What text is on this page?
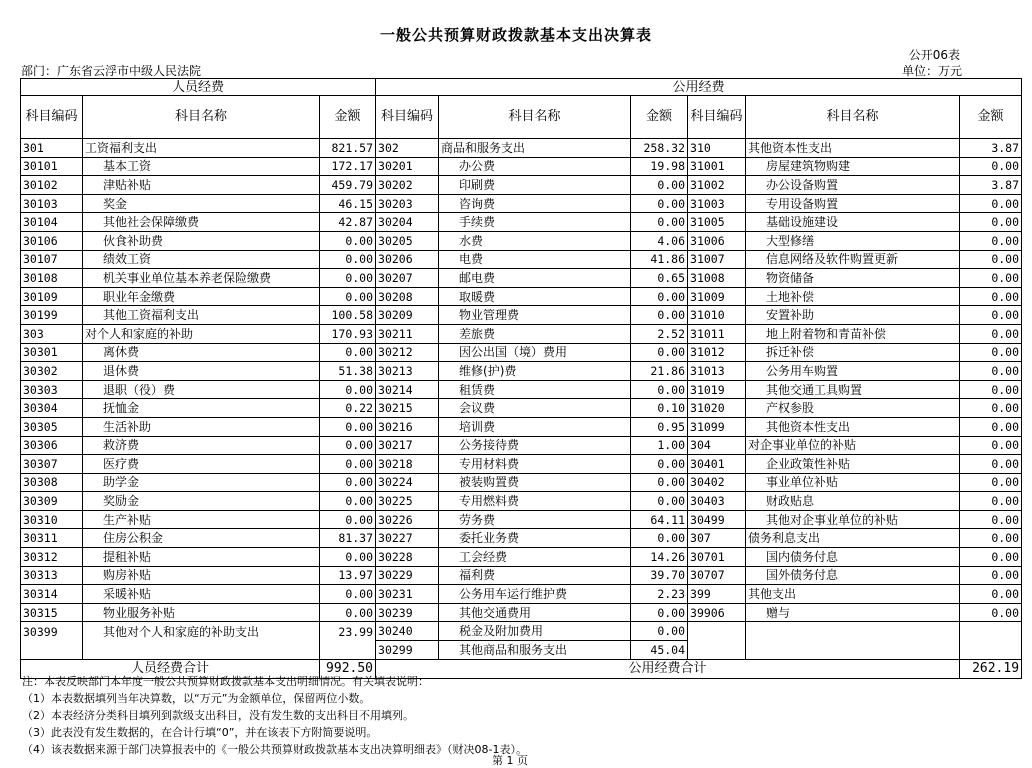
一般公共预算财政拨款基本支出决算表
公开06表
部门：广东省云浮市中级人民法院	单位：万元
人员经费			公用经费					
科目编码	科目名称	金额	科目编码	科目名称	金额	科目编码	科目名称	金额
301	工资福利支出	821.57	302	商品和服务支出	258.32	310	其他资本性支出	3.87
30101	基本工资	172.17	30201	办公费	19.98	31001	房屋建筑物购建	0.00
30102	津贴补贴	459.79	30202	印刷费	0.00	31002	办公设备购置	3.87
30103	奖金	46.15	30203	咨询费	0.00	31003	专用设备购置	0.00
30104	其他社会保障缴费	42.87	30204	手续费	0.00	31005	基础设施建设	0.00
30106	伙食补助费	0.00	30205	水费	4.06	31006	大型修缮	0.00
30107	绩效工资	0.00	30206	电费	41.86	31007	信息网络及软件购置更新	0.00
30108	机关事业单位基本养老保险缴费	0.00	30207	邮电费	0.65	31008	物资储备	0.00
30109	职业年金缴费	0.00	30208	取暖费	0.00	31009	土地补偿	0.00
30199	其他工资福利支出	100.58	30209	物业管理费	0.00	31010	安置补助	0.00
303	对个人和家庭的补助	170.93	30211	差旅费	2.52	31011	地上附着物和青苗补偿	0.00
30301	离休费	0.00	30212	因公出国（境）费用	0.00	31012	拆迁补偿	0.00
30302	退休费	51.38	30213	维修(护)费	21.86	31013	公务用车购置	0.00
30303	退职（役）费	0.00	30214	租赁费	0.00	31019	其他交通工具购置	0.00
30304	抚恤金	0.22	30215	会议费	0.10	31020	产权参股	0.00
30305	生活补助	0.00	30216	培训费	0.95	31099	其他资本性支出	0.00
30306	救济费	0.00	30217	公务接待费	1.00	304	对企事业单位的补贴	0.00
30307	医疗费	0.00	30218	专用材料费	0.00	30401	企业政策性补贴	0.00
30308	助学金	0.00	30224	被装购置费	0.00	30402	事业单位补贴	0.00
30309	奖励金	0.00	30225	专用燃料费	0.00	30403	财政贴息	0.00
30310	生产补贴	0.00	30226	劳务费	64.11	30499	其他对企事业单位的补贴	0.00
30311	住房公积金	81.37	30227	委托业务费	0.00	307	债务利息支出	0.00
30312	提租补贴	0.00	30228	工会经费	14.26	30701	国内债务付息	0.00
30313	购房补贴	13.97	30229	福利费	39.70	30707	国外债务付息	0.00
30314	采暖补贴	0.00	30231	公务用车运行维护费	2.23	399	其他支出	0.00
30315	物业服务补贴	0.00	30239	其他交通费用	0.00	39906	赠与	0.00
30399	其他对个人和家庭的补助支出	23.99	30240	税金及附加费用	0.00			
			30299	其他商品和服务支出	45.04			
人员经费合计		992.50	公用经费合计					262.19
注：本表反映部门本年度一般公共预算财政拨款基本支出明细情况。有关填表说明：
（1）本表数据填列当年决算数，以“万元”为金额单位，保留两位小数。
（2）本表经济分类科目填列到款级支出科目，没有发生数的支出科目不用填列。
（3）此表没有发生数据的，在合计行填“0”，并在该表下方附简要说明。
（4）该表数据来源于部门决算报表中的《一般公共预算财政拨款基本支出决算明细表》（财决08-1表）。
第 1 页
